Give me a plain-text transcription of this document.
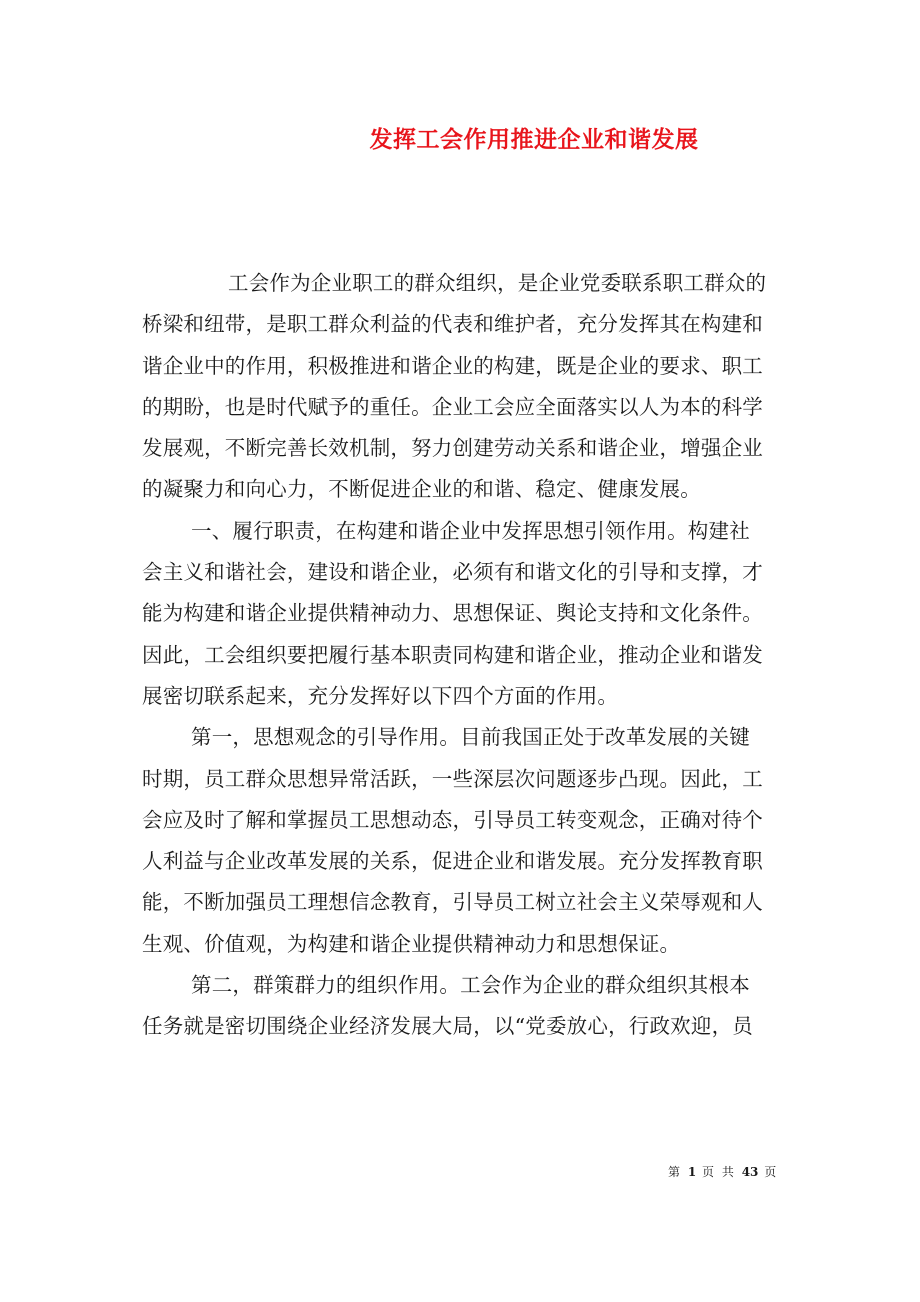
发挥工会作用推进企业和谐发展
工会作为企业职工的群众组织，是企业党委联系职工群众的
桥梁和纽带，是职工群众利益的代表和维护者，充分发挥其在构建和
谐企业中的作用，积极推进和谐企业的构建，既是企业的要求、职工
的期盼，也是时代赋予的重任。企业工会应全面落实以人为本的科学
发展观，不断完善长效机制，努力创建劳动关系和谐企业，增强企业
的凝聚力和向心力，不断促进企业的和谐、稳定、健康发展。
一、履行职责，在构建和谐企业中发挥思想引领作用。构建社
会主义和谐社会，建设和谐企业，必须有和谐文化的引导和支撑，才
能为构建和谐企业提供精神动力、思想保证、舆论支持和文化条件。
因此，工会组织要把履行基本职责同构建和谐企业，推动企业和谐发
展密切联系起来，充分发挥好以下四个方面的作用。
第一，思想观念的引导作用。目前我国正处于改革发展的关键
时期，员工群众思想异常活跃，一些深层次问题逐步凸现。因此，工
会应及时了解和掌握员工思想动态，引导员工转变观念，正确对待个
人利益与企业改革发展的关系，促进企业和谐发展。充分发挥教育职
能，不断加强员工理想信念教育，引导员工树立社会主义荣辱观和人
生观、价值观，为构建和谐企业提供精神动力和思想保证。
第二，群策群力的组织作用。工会作为企业的群众组织其根本
任务就是密切围绕企业经济发展大局，以“党委放心，行政欢迎，员
第 1 页 共 43 页
